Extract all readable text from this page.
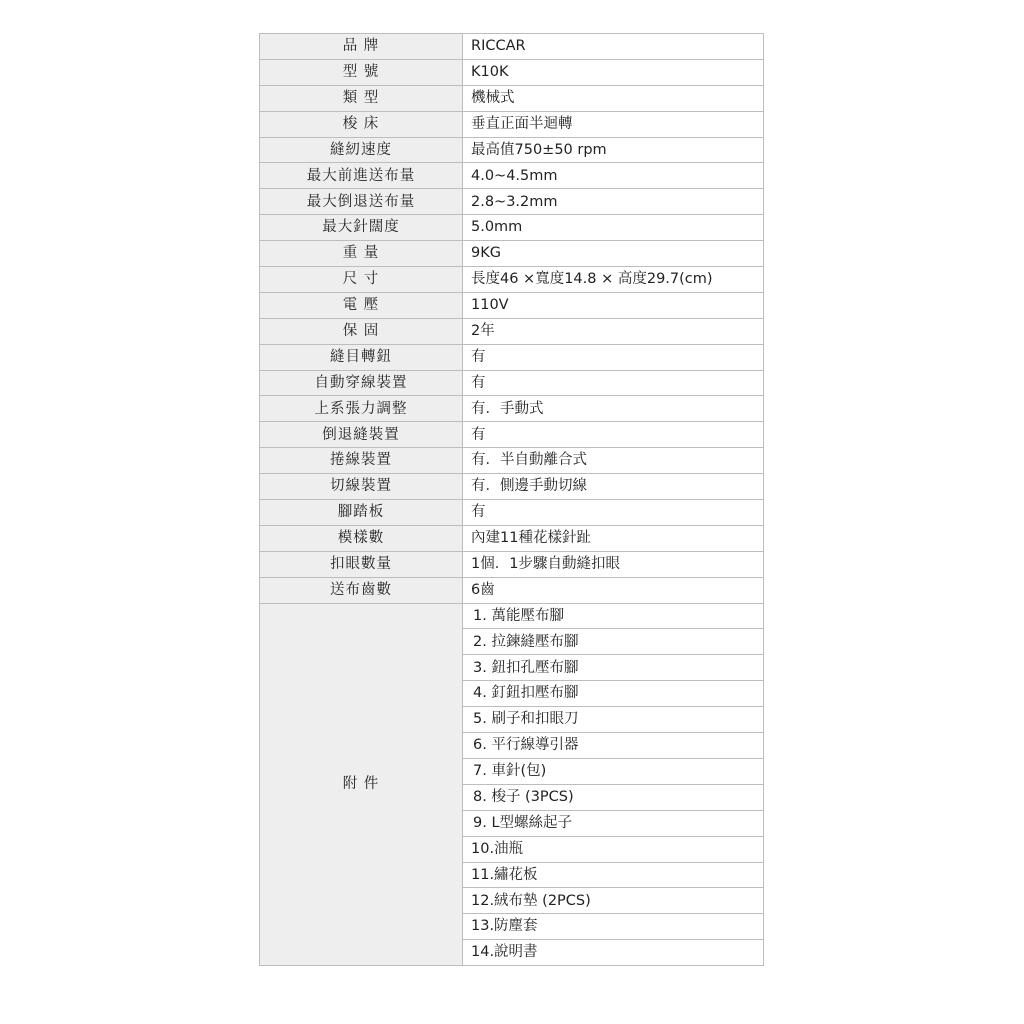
品 牌	RICCAR
型 號	K10K
類 型	機械式
梭 床	垂直正面半迴轉
縫紉速度	最高值750±50 rpm
最大前進送布量	4.0~4.5mm
最大倒退送布量	2.8~3.2mm
最大針闊度	5.0mm
重 量	9KG
尺 寸	長度46 ×寬度14.8 × 高度29.7(cm)
電 壓	110V
保 固	2年
縫目轉鈕	有
自動穿線裝置	有
上系張力調整	有．手動式
倒退縫裝置	有
捲線裝置	有．半自動離合式
切線裝置	有．側邊手動切線
腳踏板	有
模樣數	內建11種花樣針趾
扣眼數量	1個．1步驟自動縫扣眼
送布齒數	6齒
附 件	1. 萬能壓布腳
	2. 拉鍊縫壓布腳
	3. 鈕扣孔壓布腳
	4. 釘鈕扣壓布腳
	5. 刷子和扣眼刀
	6. 平行線導引器
	7. 車針(包)
	8. 梭子 (3PCS)
	9. L型螺絲起子
	10.油瓶
	11.繡花板
	12.絨布墊 (2PCS)
	13.防塵套
	14.說明書
